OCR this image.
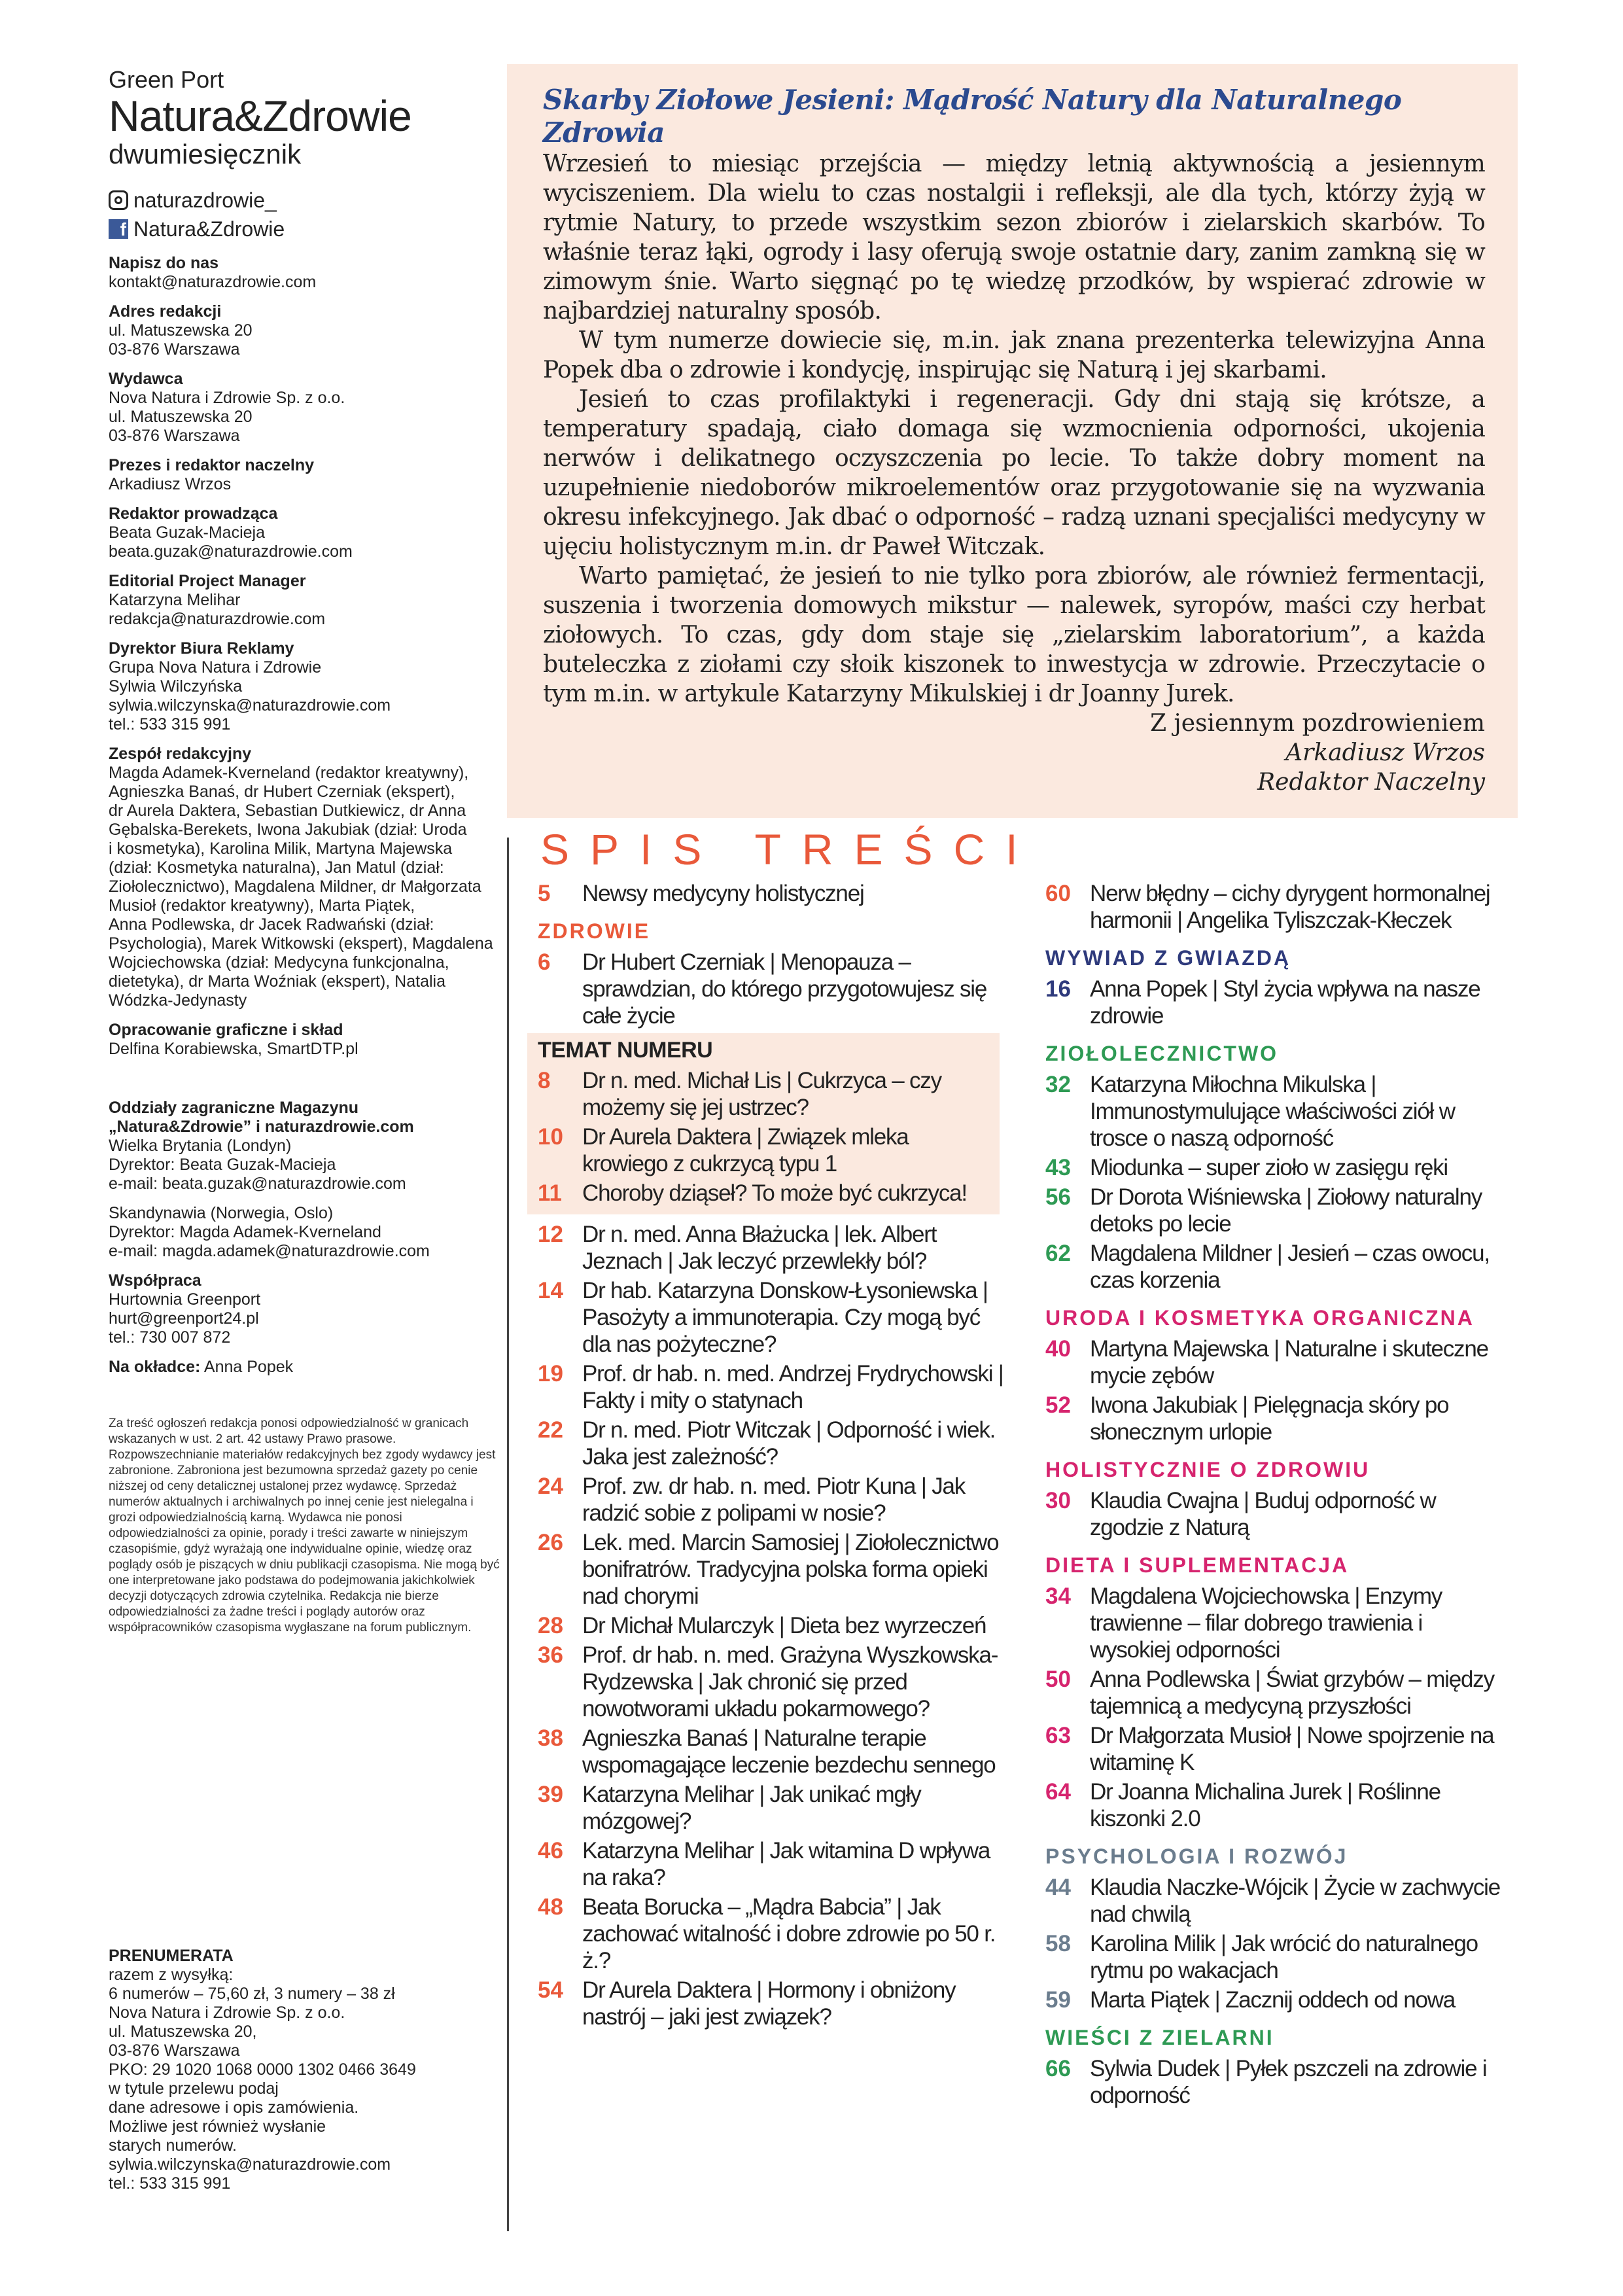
Green Port
Natura&Zdrowie
dwumiesięcznik
naturazdrowie_
f Natura&Zdrowie
Napisz do nas
kontakt@naturazdrowie.com
Adres redakcji
ul. Matuszewska 20
03-876 Warszawa
Wydawca
Nova Natura i Zdrowie Sp. z o.o.
ul. Matuszewska 20
03-876 Warszawa
Prezes i redaktor naczelny
Arkadiusz Wrzos
Redaktor prowadząca
Beata Guzak-Macieja
beata.guzak@naturazdrowie.com
Editorial Project Manager
Katarzyna Melihar
redakcja@naturazdrowie.com
Dyrektor Biura Reklamy
Grupa Nova Natura i Zdrowie
Sylwia Wilczyńska
sylwia.wilczynska@naturazdrowie.com
tel.: 533 315 991
Zespół redakcyjny
Magda Adamek-Kverneland (redaktor kreatywny),
Agnieszka Banaś, dr Hubert Czerniak (ekspert),
dr Aurela Daktera, Sebastian Dutkiewicz, dr Anna
Gębalska-Berekets, Iwona Jakubiak (dział: Uroda
i kosmetyka), Karolina Milik, Martyna Majewska
(dział: Kosmetyka naturalna), Jan Matul (dział:
Ziołolecznictwo), Magdalena Mildner, dr Małgorzata
Musioł (redaktor kreatywny), Marta Piątek,
Anna Podlewska, dr Jacek Radwański (dział:
Psychologia), Marek Witkowski (ekspert), Magdalena
Wojciechowska (dział: Medycyna funkcjonalna,
dietetyka), dr Marta Woźniak (ekspert), Natalia
Wódzka-Jedynasty
Opracowanie graficzne i skład
Delfina Korabiewska, SmartDTP.pl

Oddziały zagraniczne Magazynu „Natura&Zdrowie” i naturazdrowie.com
Wielka Brytania (Londyn)
Dyrektor: Beata Guzak-Macieja
e-mail: beata.guzak@naturazdrowie.com
Skandynawia (Norwegia, Oslo)
Dyrektor: Magda Adamek-Kverneland
e-mail: magda.adamek@naturazdrowie.com
Współpraca
Hurtownia Greenport
hurt@greenport24.pl
tel.: 730 007 872
Na okładce: Anna Popek
Za treść ogłoszeń redakcja ponosi odpowiedzialność w granicach wskazanych w ust. 2 art. 42 ustawy Prawo prasowe. Rozpowszechnianie materiałów redakcyjnych bez zgody wydawcy jest zabronione. Zabroniona jest bezumowna sprzedaż gazety po cenie niższej od ceny detalicznej ustalonej przez wydawcę. Sprzedaż numerów aktualnych i archiwalnych po innej cenie jest nielegalna i grozi odpowiedzialnością karną. Wydawca nie ponosi odpowiedzialności za opinie, porady i treści zawarte w niniejszym czasopiśmie, gdyż wyrażają one indywidualne opinie, wiedzę oraz poglądy osób je piszących w dniu publikacji czasopisma. Nie mogą być one interpretowane jako podstawa do podejmowania jakichkolwiek decyzji dotyczących zdrowia czytelnika. Redakcja nie bierze odpowiedzialności za żadne treści i poglądy autorów oraz współpracowników czasopisma wygłaszane na forum publicznym.
PRENUMERATA
razem z wysyłką:
6 numerów – 75,60 zł, 3 numery – 38 zł
Nova Natura i Zdrowie Sp. z o.o.
ul. Matuszewska 20,
03-876 Warszawa
PKO: 29 1020 1068 0000 1302 0466 3649
w tytule przelewu podaj
dane adresowe i opis zamówienia.
Możliwe jest również wysłanie
starych numerów.
sylwia.wilczynska@naturazdrowie.com
tel.: 533 315 991
Skarby Ziołowe Jesieni: Mądrość Natury dla Naturalnego Zdrowia

Wrzesień to miesiąc przejścia — między letnią aktywnością a jesiennym wyciszeniem. Dla wielu to czas nostalgii i refleksji, ale dla tych, którzy żyją w rytmie Natury, to przede wszystkim sezon zbiorów i zielarskich skarbów. To właśnie teraz łąki, ogrody i lasy oferują swoje ostatnie dary, zanim zamkną się w zimowym śnie. Warto sięgnąć po tę wiedzę przodków, by wspierać zdrowie w najbardziej naturalny sposób.

W tym numerze dowiecie się, m.in. jak znana prezenterka telewizyjna Anna Popek dba o zdrowie i kondycję, inspirując się Naturą i jej skarbami.

Jesień to czas profilaktyki i regeneracji. Gdy dni stają się krótsze, a temperatury spadają, ciało domaga się wzmocnienia odporności, ukojenia nerwów i delikatnego oczyszczenia po lecie. To także dobry moment na uzupełnienie niedoborów mikroelementów oraz przygotowanie się na wyzwania okresu infekcyjnego. Jak dbać o odporność – radzą uznani specjaliści medycyny w ujęciu holistycznym m.in. dr Paweł Witczak.

Warto pamiętać, że jesień to nie tylko pora zbiorów, ale również fermentacji, suszenia i tworzenia domowych mikstur — nalewek, syropów, maści czy herbat ziołowych. To czas, gdy dom staje się „zielarskim laboratorium”, a każda buteleczka z ziołami czy słoik kiszonek to inwestycja w zdrowie. Przeczytacie o tym m.in. w artykule Katarzyny Mikulskiej i dr Joanny Jurek.

Z jesiennym pozdrowieniem
Arkadiusz Wrzos
Redaktor Naczelny
SPIS TREŚCI
5	Newsy medycyny holistycznej
ZDROWIE
6	Dr Hubert Czerniak | Menopauza – sprawdzian, do którego przygotowujesz się całe życie
TEMAT NUMERU
8	Dr n. med. Michał Lis | Cukrzyca – czy możemy się jej ustrzec?
10 Dr Aurela Daktera | Związek mleka krowiego z cukrzycą typu 1
11 Choroby dziąseł? To może być cukrzyca!
12 Dr n. med. Anna Błażucka | lek. Albert Jeznach | Jak leczyć przewlekły ból?
14 Dr hab. Katarzyna Donskow-Łysoniewska | Pasożyty a immunoterapia. Czy mogą być dla nas pożyteczne?
19 Prof. dr hab. n. med. Andrzej Frydrychowski | Fakty i mity o statynach
22 Dr n. med. Piotr Witczak | Odporność i wiek. Jaka jest zależność?
24 Prof. zw. dr hab. n. med. Piotr Kuna | Jak radzić sobie z polipami w nosie?
26 Lek. med. Marcin Samosiej | Ziołolecznictwo bonifratrów. Tradycyjna polska forma opieki nad chorymi
28 Dr Michał Mularczyk | Dieta bez wyrzeczeń
36 Prof. dr hab. n. med. Grażyna Wyszkowska-Rydzewska | Jak chronić się przed nowotworami układu pokarmowego?
38 Agnieszka Banaś | Naturalne terapie wspomagające leczenie bezdechu sennego
39 Katarzyna Melihar | Jak unikać mgły mózgowej?
46 Katarzyna Melihar | Jak witamina D wpływa na raka?
48 Beata Borucka – „Mądra Babcia” | Jak zachować witalność i dobre zdrowie po 50 r. ż.?
54 Dr Aurela Daktera | Hormony i obniżony nastrój – jaki jest związek?
60 Nerw błędny – cichy dyrygent hormonalnej harmonii | Angelika Tyliszczak-Kłeczek
WYWIAD Z GWIAZDĄ
16 Anna Popek | Styl życia wpływa na nasze zdrowie
ZIOŁOLECZNICTWO
32 Katarzyna Miłochna Mikulska | Immunostymulujące właściwości ziół w trosce o naszą odporność
43 Miodunka – super zioło w zasięgu ręki
56 Dr Dorota Wiśniewska | Ziołowy naturalny detoks po lecie
62 Magdalena Mildner | Jesień – czas owocu, czas korzenia
URODA I KOSMETYKA ORGANICZNA
40 Martyna Majewska | Naturalne i skuteczne mycie zębów
52 Iwona Jakubiak | Pielęgnacja skóry po słonecznym urlopie
HOLISTYCZNIE O ZDROWIU
30 Klaudia Cwajna | Buduj odporność w zgodzie z Naturą
DIETA I SUPLEMENTACJA
34 Magdalena Wojciechowska | Enzymy trawienne – filar dobrego trawienia i wysokiej odporności
50 Anna Podlewska | Świat grzybów – między tajemnicą a medycyną przyszłości
63 Dr Małgorzata Musioł | Nowe spojrzenie na witaminę K
64 Dr Joanna Michalina Jurek | Roślinne kiszonki 2.0
PSYCHOLOGIA I ROZWÓJ
44 Klaudia Naczke-Wójcik | Życie w zachwycie nad chwilą
58 Karolina Milik | Jak wrócić do naturalnego rytmu po wakacjach
59 Marta Piątek | Zacznij oddech od nowa
WIEŚCI Z ZIELARNI
66 Sylwia Dudek | Pyłek pszczeli na zdrowie i odporność
